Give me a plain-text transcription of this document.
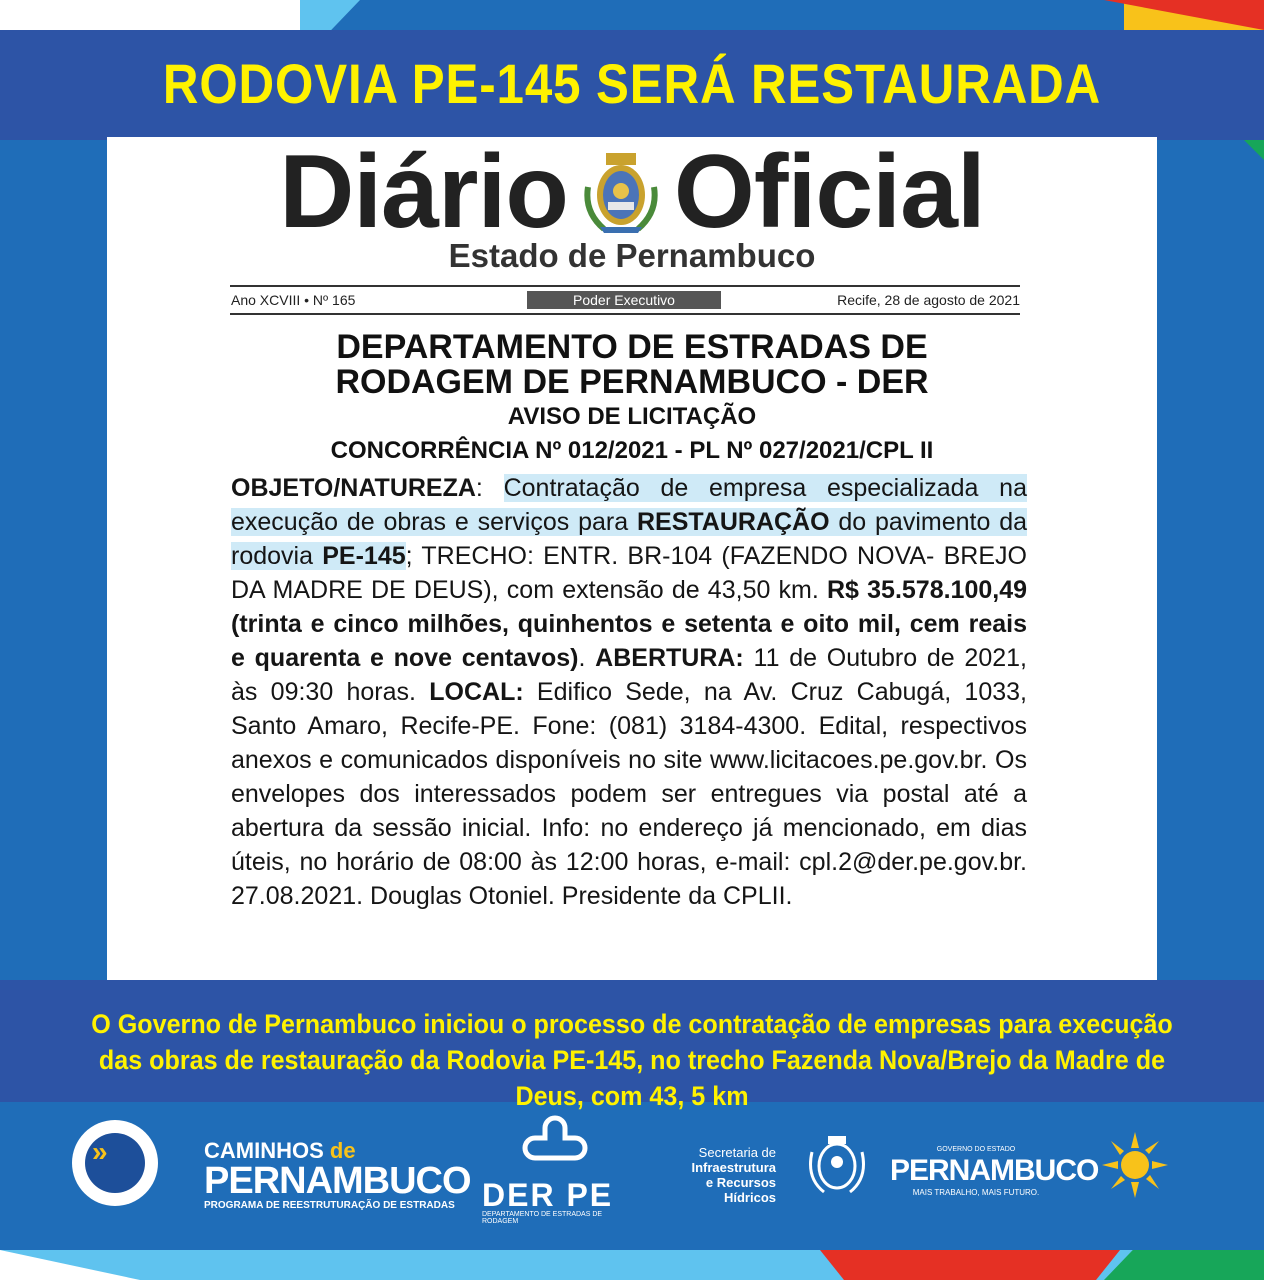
RODOVIA PE-145 SERÁ RESTAURADA
Diário Oficial
Estado de Pernambuco
Ano XCVIII • Nº 165	Poder Executivo	Recife, 28 de agosto de 2021
DEPARTAMENTO DE ESTRADAS DE
RODAGEM DE PERNAMBUCO - DER
AVISO DE LICITAÇÃO
CONCORRÊNCIA Nº 012/2021 - PL Nº 027/2021/CPL II
OBJETO/NATUREZA: Contratação de empresa especializada na execução de obras e serviços para RESTAURAÇÃO do pavimento da rodovia PE-145; TRECHO: ENTR. BR-104 (FAZENDO NOVA- BREJO DA MADRE DE DEUS), com extensão de 43,50 km. R$ 35.578.100,49 (trinta e cinco milhões, quinhentos e setenta e oito mil, cem reais e quarenta e nove centavos). ABERTURA: 11 de Outubro de 2021, às 09:30 horas. LOCAL: Edifico Sede, na Av. Cruz Cabugá, 1033, Santo Amaro, Recife-PE. Fone: (081) 3184-4300. Edital, respectivos anexos e comunicados disponíveis no site www.licitacoes.pe.gov.br. Os envelopes dos interessados podem ser entregues via postal até a abertura da sessão inicial. Info: no endereço já mencionado, em dias úteis, no horário de 08:00 às 12:00 horas, e-mail: cpl.2@der.pe.gov.br. 27.08.2021. Douglas Otoniel. Presidente da CPLII.
O Governo de Pernambuco iniciou o processo de contratação de empresas para execução das obras de restauração da Rodovia PE-145, no trecho Fazenda Nova/Brejo da Madre de Deus, com 43, 5 km
»	CAMINHOS de
PERNAMBUCO
PROGRAMA DE REESTRUTURAÇÃO DE ESTRADAS DER PE
DEPARTAMENTO DE ESTRADAS DE RODAGEM
Secretaria de
Infraestrutura
e Recursos Hídricos
GOVERNO DO ESTADO
PERNAMBUCO
MAIS TRABALHO, MAIS FUTURO.
